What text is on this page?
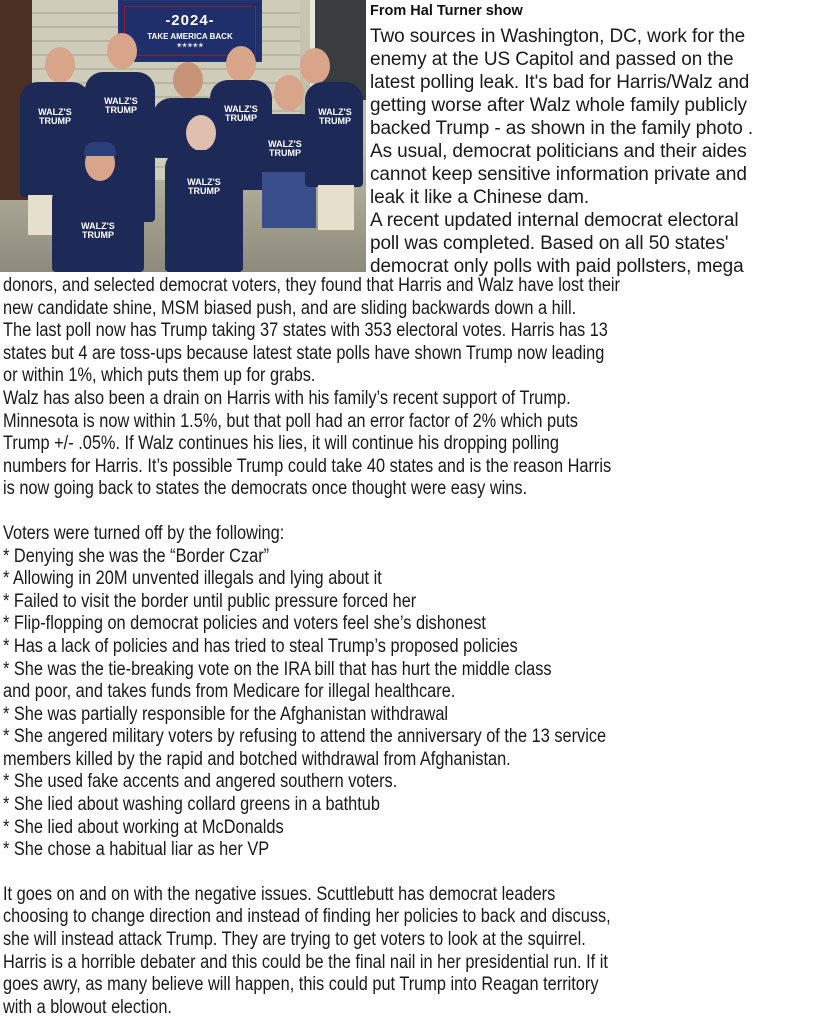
-2024-
TAKE AMERICA BACK
★★★★★
WALZ'S
TRUMP
WALZ'S
TRUMP	WALZ'S
TRUMP
WALZ'S
TRUMP
WALZ'S
TRUMP
WALZ'S
TRUMP
WALZ'S
TRUMP
From Hal Turner show

Two sources in Washington, DC, work for the

enemy at the US Capitol and passed on the

latest polling leak. It's bad for Harris/Walz and

getting worse after Walz whole family publicly

backed Trump - as shown in the family photo .

As usual, democrat politicians and their aides

cannot keep sensitive information private and

leak it like a Chinese dam.

A recent updated internal democrat electoral

poll was completed. Based on all 50 states'

democrat only polls with paid pollsters, mega

donors, and selected democrat voters, they found that Harris and Walz have lost their

new candidate shine, MSM biased push, and are sliding backwards down a hill.

The last poll now has Trump taking 37 states with 353 electoral votes. Harris has 13

states but 4 are toss-ups because latest state polls have shown Trump now leading

or within 1%, which puts them up for grabs.

Walz has also been a drain on Harris with his family’s recent support of Trump.

Minnesota is now within 1.5%, but that poll had an error factor of 2% which puts

Trump +/- .05%. If Walz continues his lies, it will continue his dropping polling

numbers for Harris. It’s possible Trump could take 40 states and is the reason Harris

is now going back to states the democrats once thought were easy wins.

Voters were turned off by the following:

* Denying she was the “Border Czar”

* Allowing in 20M unvented illegals and lying about it

* Failed to visit the border until public pressure forced her

* Flip-flopping on democrat policies and voters feel she’s dishonest

* Has a lack of policies and has tried to steal Trump’s proposed policies

* She was the tie-breaking vote on the IRA bill that has hurt the middle class

and poor, and takes funds from Medicare for illegal healthcare.

* She was partially responsible for the Afghanistan withdrawal

* She angered military voters by refusing to attend the anniversary of the 13 service

members killed by the rapid and botched withdrawal from Afghanistan.

* She used fake accents and angered southern voters.

* She lied about washing collard greens in a bathtub

* She lied about working at McDonalds

* She chose a habitual liar as her VP

It goes on and on with the negative issues. Scuttlebutt has democrat leaders

choosing to change direction and instead of finding her policies to back and discuss,

she will instead attack Trump. They are trying to get voters to look at the squirrel.

Harris is a horrible debater and this could be the final nail in her presidential run. If it

goes awry, as many believe will happen, this could put Trump into Reagan territory

with a blowout election.
